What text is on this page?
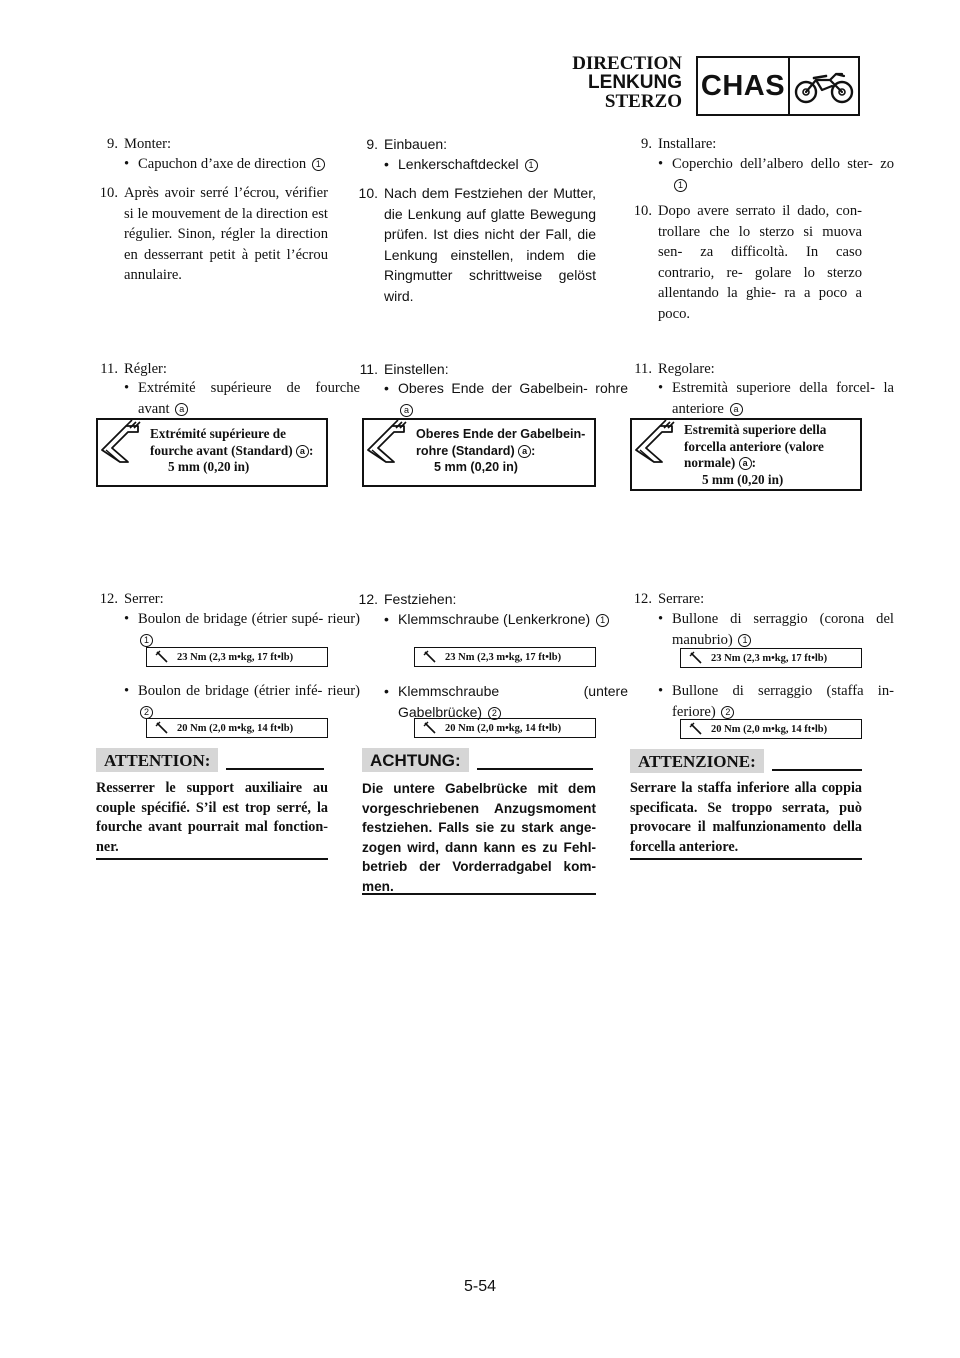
DIRECTION
LENKUNG
STERZO CHAS
9. Monter:
• Capuchon d’axe de direction 1
10. Après avoir serré l’écrou, vérifier si le mouvement de la direction est régulier. Sinon, régler la direction en desserrant petit à petit l’écrou annulaire.
11. Régler:
• Extrémité supérieure de fourche avant a
Extrémité supérieure de
fourche avant (Standard) a :
5 mm (0,20 in)
12. Serrer:
• Boulon de bridage (étrier supé- rieur) 1
23 Nm (2,3 m•kg, 17 ft•lb)
• Boulon de bridage (étrier infé- rieur) 2
20 Nm (2,0 m•kg, 14 ft•lb)
ATTENTION:
Resserrer le support auxiliaire au couple spécifié. S’il est trop serré, la fourche avant pourrait mal fonction- ner.
9. Einbauen:
• Lenkerschaftdeckel 1
10. Nach dem Festziehen der Mutter, die Lenkung auf glatte Bewegung prüfen. Ist dies nicht der Fall, die Lenkung einstellen, indem die Ringmutter schrittweise gelöst wird.
11. Einstellen:
• Oberes Ende der Gabelbein- rohre a
Oberes Ende der Gabelbein-
rohre (Standard) a :
5 mm (0,20 in)
12. Festziehen:
• Klemmschraube (Lenkerkrone) 1
23 Nm (2,3 m•kg, 17 ft•lb)
• Klemmschraube (untere Gabelbrücke) 2
20 Nm (2,0 m•kg, 14 ft•lb)
ACHTUNG:
Die untere Gabelbrücke mit dem vorgeschriebenen Anzugsmoment festziehen. Falls sie zu stark ange- zogen wird, dann kann es zu Fehl- betrieb der Vorderradgabel kom- men.
9. Installare:
• Coperchio dell’albero dello ster- zo 1
10. Dopo avere serrato il dado, con- trollare che lo sterzo si muova sen- za difficoltà. In caso contrario, re- golare lo sterzo allentando la ghie- ra a poco a poco.
11. Regolare:
• Estremità superiore della forcel- la anteriore a
Estremità superiore della
forcella anteriore (valore
normale) a :
5 mm (0,20 in)
12. Serrare:
• Bullone di serraggio (corona del manubrio) 1
23 Nm (2,3 m•kg, 17 ft•lb)
• Bullone di serraggio (staffa in- feriore) 2
20 Nm (2,0 m•kg, 14 ft•lb)
ATTENZIONE:
Serrare la staffa inferiore alla coppia specificata. Se troppo serrata, può provocare il malfunzionamento della forcella anteriore.
5-54
